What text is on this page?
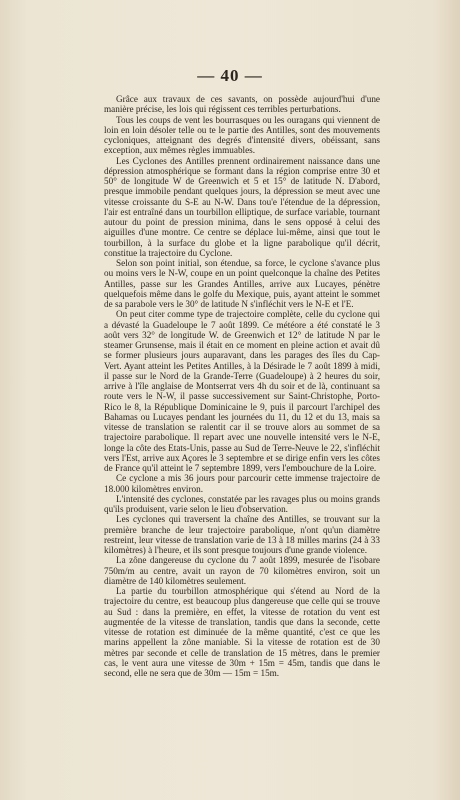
— 40 —

Grâce aux travaux de ces savants, on possède aujourd'hui d'une manière précise, les lois qui régissent ces terribles perturbations.

Tous les coups de vent les bourrasques ou les ouragans qui viennent de loin en loin désoler telle ou te le partie des Antilles, sont des mouvements cycloniques, atteignant des degrés d'intensité divers, obéissant, sans exception, aux mêmes règles immuables.

Les Cyclones des Antilles prennent ordinairement naissance dans une dépression atmosphérique se formant dans la région comprise entre 30 et 50° de longitude W de Greenwich et 5 et 15° de latitude N. D'abord, presque immobile pendant quelques jours, la dépression se meut avec une vitesse croissante du S-E au N-W. Dans tou'e l'étendue de la dépression, l'air est entraîné dans un tourbillon elliptique, de surface variable, tournant autour du point de pression minima, dans le sens opposé à celui des aiguilles d'une montre. Ce centre se déplace lui-même, ainsi que tout le tourbillon, à la surface du globe et la ligne parabolique qu'il décrit, constitue la trajectoire du Cyclone.

Selon son point initial, son étendue, sa force, le cyclone s'avance plus ou moins vers le N-W, coupe en un point quelconque la chaîne des Petites Antilles, passe sur les Grandes Antilles, arrive aux Lucayes, pénètre quelquefois même dans le golfe du Mexique, puis, ayant atteint le sommet de sa parabole vers le 30° de latitude N s'infléchit vers le N-E et l'E.

On peut citer comme type de trajectoire complète, celle du cyclone qui a dévasté la Guadeloupe le 7 août 1899. Ce météore a été constaté le 3 août vers 32° de longitude W. de Greenwich et 12° de latitude N par le steamer Grunsense, mais il était en ce moment en pleine action et avait dû se former plusieurs jours auparavant, dans les parages des îles du Cap-Vert. Ayant atteint les Petites Antilles, à la Désirade le 7 août 1899 à midi, il passe sur le Nord de la Grande-Terre (Guadeloupe) à 2 heures du soir, arrive à l'île anglaise de Montserrat vers 4h du soir et de là, continuant sa route vers le N-W, il passe successivement sur Saint-Christophe, Porto-Rico le 8, la République Dominicaine le 9, puis il parcourt l'archipel des Bahamas ou Lucayes pendant les journées du 11, du 12 et du 13, mais sa vitesse de translation se ralentit car il se trouve alors au sommet de sa trajectoire parabolique. Il repart avec une nouvelle intensité vers le N-E, longe la côte des Etats-Unis, passe au Sud de Terre-Neuve le 22, s'infléchit vers l'Est, arrive aux Açores le 3 septembre et se dirige enfin vers les côtes de France qu'il atteint le 7 septembre 1899, vers l'embouchure de la Loire.

Ce cyclone a mis 36 jours pour parcourir cette immense trajectoire de 18.000 kilomètres environ.

L'intensité des cyclones, constatée par les ravages plus ou moins grands qu'ils produisent, varie selon le lieu d'observation.

Les cyclones qui traversent la chaîne des Antilles, se trouvant sur la première branche de leur trajectoire parabolique, n'ont qu'un diamètre restreint, leur vitesse de translation varie de 13 à 18 milles marins (24 à 33 kilomètres) à l'heure, et ils sont presque toujours d'une grande violence.

La zône dangereuse du cyclone du 7 août 1899, mesurée de l'isobare 750m/m au centre, avait un rayon de 70 kilomètres environ, soit un diamètre de 140 kilomètres seulement.

La partie du tourbillon atmosphérique qui s'étend au Nord de la trajectoire du centre, est beaucoup plus dangereuse que celle qui se trouve au Sud : dans la première, en effet, la vitesse de rotation du vent est augmentée de la vitesse de translation, tandis que dans la seconde, cette vitesse de rotation est diminuée de la même quantité, c'est ce que les marins appellent la zône maniable. Si la vitesse de rotation est de 30 mètres par seconde et celle de translation de 15 mètres, dans le premier cas, le vent aura une vitesse de 30m + 15m = 45m, tandis que dans le second, elle ne sera que de 30m — 15m = 15m.
